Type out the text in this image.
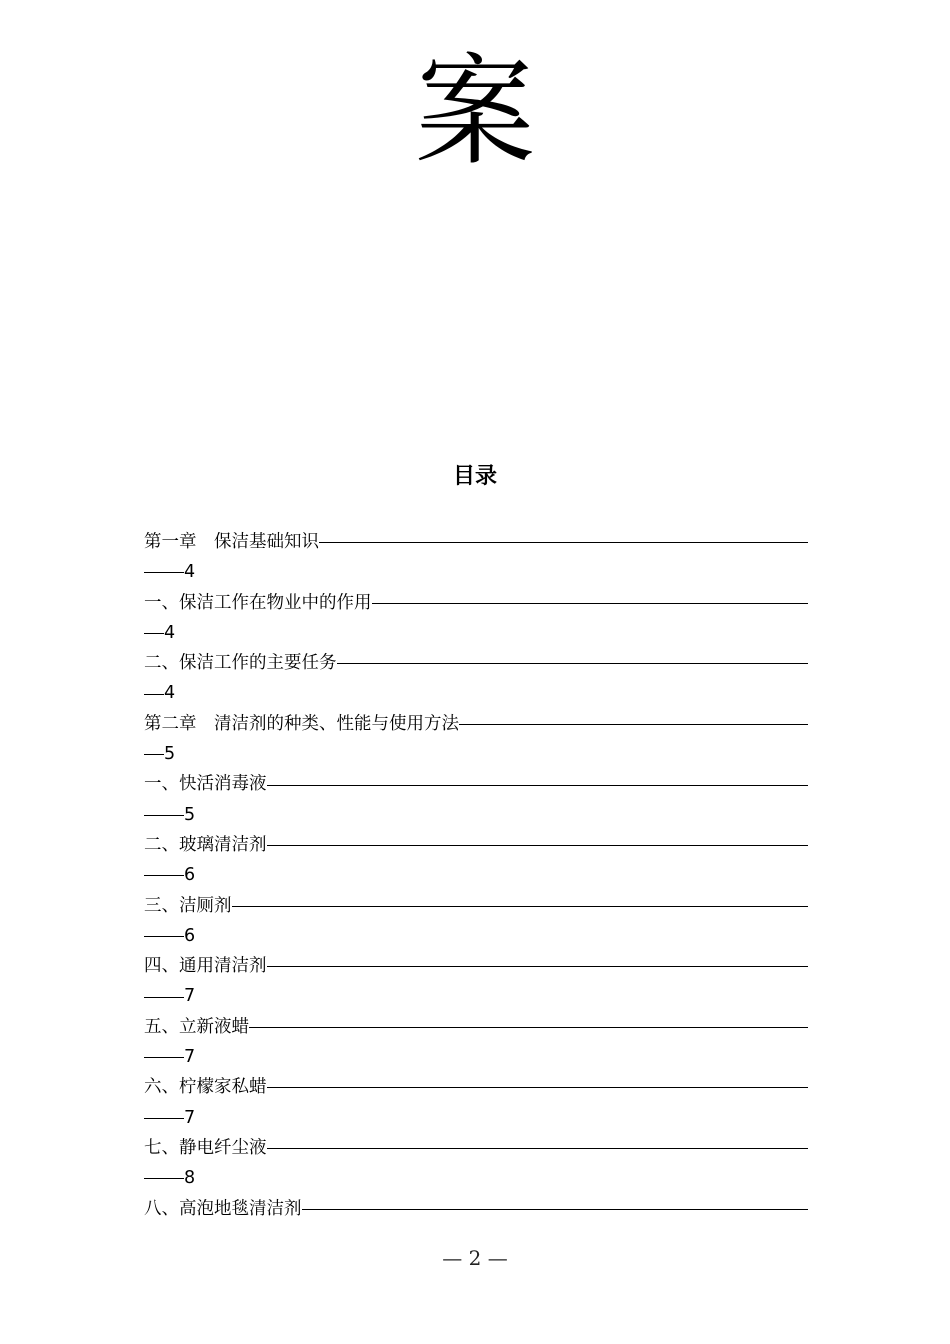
案
目录
第一章　保洁基础知识
4
一、保洁工作在物业中的作用
4
二、保洁工作的主要任务
4
第二章　清洁剂的种类、性能与使用方法
5
一、快活消毒液
5
二、玻璃清洁剂
6
三、洁厕剂
6
四、通用清洁剂
7
五、立新液蜡
7
六、柠檬家私蜡
7
七、静电纤尘液
8
八、高泡地毯清洁剂
— 2 —
